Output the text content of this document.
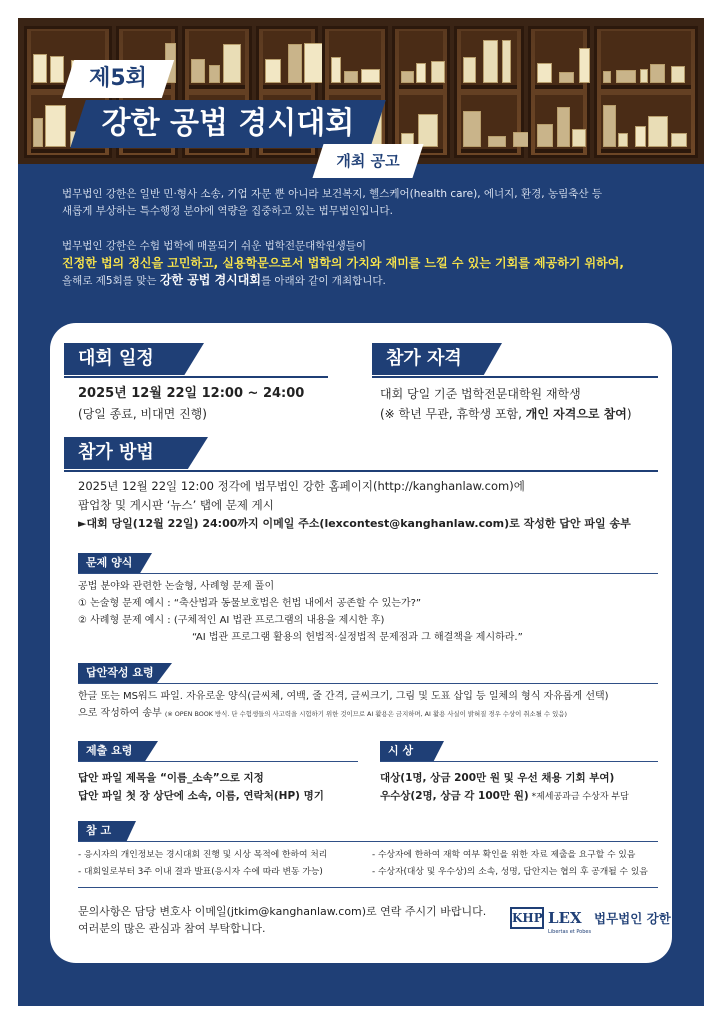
제5회
강한 공법 경시대회
개최 공고

법무법인 강한은 일반 민·형사 소송, 기업 자문 뿐 아니라 보건복지, 헬스케어(health care), 에너지, 환경, 농림축산 등

새롭게 부상하는 특수행정 분야에 역량을 집중하고 있는 법무법인입니다.

법무법인 강한은 수험 법학에 매몰되기 쉬운 법학전문대학원생들이

진정한 법의 정신을 고민하고, 실용학문으로서 법학의 가치와 재미를 느낄 수 있는 기회를 제공하기 위하여,

올해로 제5회를 맞는 강한 공법 경시대회를 아래와 같이 개최합니다.

대회 일정
2025년 12월 22일 12:00 ~ 24:00
(당일 종료, 비대면 진행)
참가 자격
대회 당일 기준 법학전문대학원 재학생
(※ 학년 무관, 휴학생 포함, 개인 자격으로 참여)
참가 방법
2025년 12월 22일 12:00 정각에 법무법인 강한 홈페이지(http://kanghanlaw.com)에
팝업창 및 게시판 ‘뉴스’ 탭에 문제 게시
►대회 당일(12월 22일) 24:00까지 이메일 주소(lexcontest@kanghanlaw.com)로 작성한 답안 파일 송부
문제 양식
공법 분야와 관련한 논술형, 사례형 문제 풀이
① 논술형 문제 예시 : “축산법과 동물보호법은 헌법 내에서 공존할 수 있는가?”
② 사례형 문제 예시 : (구체적인 AI 법관 프로그램의 내용을 제시한 후)
“AI 법관 프로그램 활용의 헌법적·실정법적 문제점과 그 해결책을 제시하라.”
답안작성 요령
한글 또는 MS워드 파일. 자유로운 양식(글씨체, 여백, 줄 간격, 글씨크기, 그림 및 도표 삽입 등 일체의 형식 자유롭게 선택)
으로 작성하여 송부 (※ OPEN BOOK 방식. 단 수험생들의 사고력을 시험하기 위한 것이므로 AI 활용은 금지하며, AI 활용 사실이 밝혀질 경우 수상이 취소될 수 있음)
제출 요령
답안 파일 제목을 “이름_소속”으로 지정
답안 파일 첫 장 상단에 소속, 이름, 연락처(HP) 명기
시 상
대상(1명, 상금 200만 원 및 우선 채용 기회 부여)
우수상(2명, 상금 각 100만 원) *제세공과금 수상자 부담
참 고
- 응시자의 개인정보는 경시대회 진행 및 시상 목적에 한하여 처리
- 대회일로부터 3주 이내 결과 발표(응시자 수에 따라 변동 가능)
- 수상자에 한하여 재학 여부 확인을 위한 자료 제출을 요구할 수 있음
- 수상자(대상 및 우수상)의 소속, 성명, 답안지는 협의 후 공개될 수 있음
문의사항은 담당 변호사 이메일(jtkim@kanghanlaw.com)로 연락 주시기 바랍니다.
여러분의 많은 관심과 참여 부탁합니다.
KHP LEX
Libertas et Pobes
법무법인 강한
